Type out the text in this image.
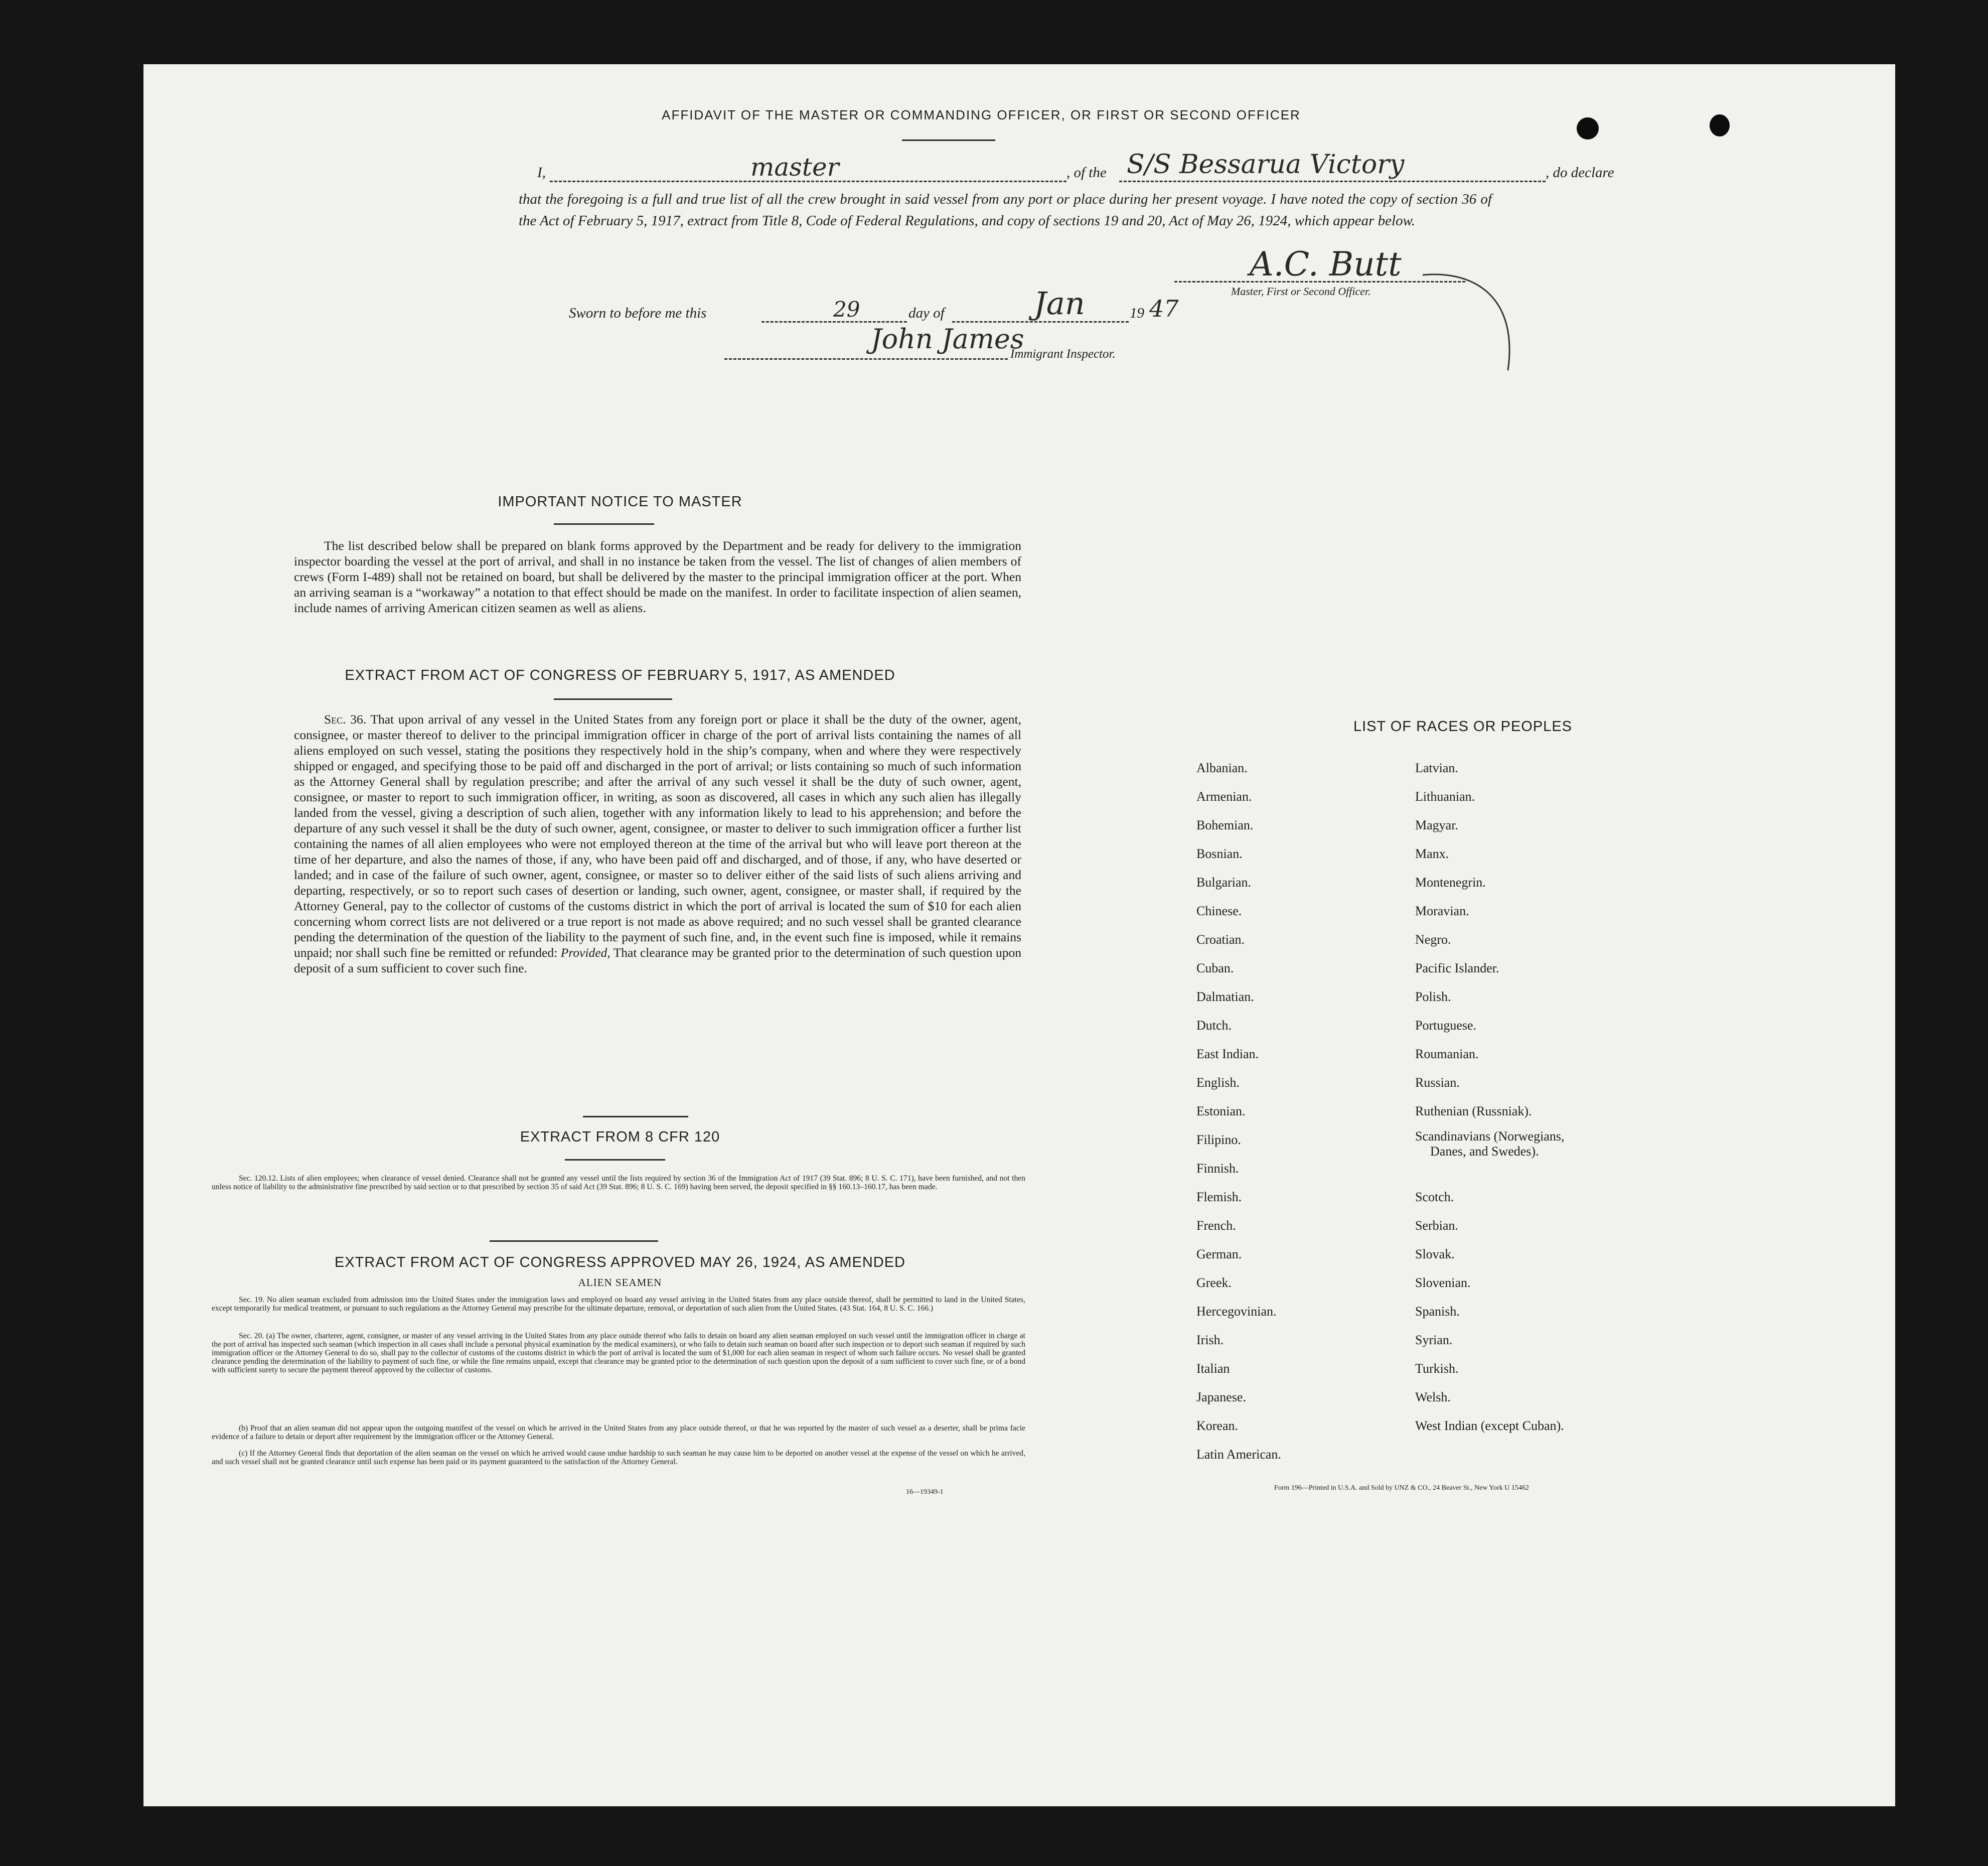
AFFIDAVIT OF THE MASTER OR COMMANDING OFFICER, OR FIRST OR SECOND OFFICER
I,	master	, of the S/S Bessarua Victory	, do declare
that the foregoing is a full and true list of all the crew brought in said vessel from any port or place during her present voyage. I have noted the copy of section 36 of the Act of February 5, 1917, extract from Title 8, Code of Federal Regulations, and copy of sections 19 and 20, Act of May 26, 1924, which appear below.
A.C. Butt
Master, First or Second Officer.
Sworn to before me this	29	day of	Jan	19 47
John James
Immigrant Inspector.
IMPORTANT NOTICE TO MASTER
The list described below shall be prepared on blank forms approved by the Department and be ready for delivery to the immigration inspector boarding the vessel at the port of arrival, and shall in no instance be taken from the vessel. The list of changes of alien members of crews (Form I-489) shall not be retained on board, but shall be delivered by the master to the principal immigration officer at the port. When an arriving seaman is a “workaway” a notation to that effect should be made on the manifest. In order to facilitate inspection of alien seamen, include names of arriving American citizen seamen as well as aliens.
EXTRACT FROM ACT OF CONGRESS OF FEBRUARY 5, 1917, AS AMENDED
Sec. 36. That upon arrival of any vessel in the United States from any foreign port or place it shall be the duty of the owner, agent, consignee, or master thereof to deliver to the principal immigration officer in charge of the port of arrival lists containing the names of all aliens employed on such vessel, stating the positions they respectively hold in the ship’s company, when and where they were respectively shipped or engaged, and specifying those to be paid off and discharged in the port of arrival; or lists containing so much of such information as the Attorney General shall by regulation prescribe; and after the arrival of any such vessel it shall be the duty of such owner, agent, consignee, or master to report to such immigration officer, in writing, as soon as discovered, all cases in which any such alien has illegally landed from the vessel, giving a description of such alien, together with any information likely to lead to his apprehension; and before the departure of any such vessel it shall be the duty of such owner, agent, consignee, or master to deliver to such immigration officer a further list containing the names of all alien employees who were not employed thereon at the time of the arrival but who will leave port thereon at the time of her departure, and also the names of those, if any, who have been paid off and discharged, and of those, if any, who have deserted or landed; and in case of the failure of such owner, agent, consignee, or master so to deliver either of the said lists of such aliens arriving and departing, respectively, or so to report such cases of desertion or landing, such owner, agent, consignee, or master shall, if required by the Attorney General, pay to the collector of customs of the customs district in which the port of arrival is located the sum of $10 for each alien concerning whom correct lists are not delivered or a true report is not made as above required; and no such vessel shall be granted clearance pending the determination of the question of the liability to the payment of such fine, and, in the event such fine is imposed, while it remains unpaid; nor shall such fine be remitted or refunded: Provided, That clearance may be granted prior to the determination of such question upon deposit of a sum sufficient to cover such fine.
EXTRACT FROM 8 CFR 120
Sec. 120.12. Lists of alien employees; when clearance of vessel denied. Clearance shall not be granted any vessel until the lists required by section 36 of the Immigration Act of 1917 (39 Stat. 896; 8 U. S. C. 171), have been furnished, and not then unless notice of liability to the administrative fine prescribed by said section or to that prescribed by section 35 of said Act (39 Stat. 896; 8 U. S. C. 169) having been served, the deposit specified in §§ 160.13–160.17, has been made.
EXTRACT FROM ACT OF CONGRESS APPROVED MAY 26, 1924, AS AMENDED
ALIEN SEAMEN
Sec. 19. No alien seaman excluded from admission into the United States under the immigration laws and employed on board any vessel arriving in the United States from any place outside thereof, shall be permitted to land in the United States, except temporarily for medical treatment, or pursuant to such regulations as the Attorney General may prescribe for the ultimate departure, removal, or deportation of such alien from the United States. (43 Stat. 164, 8 U. S. C. 166.)
Sec. 20. (a) The owner, charterer, agent, consignee, or master of any vessel arriving in the United States from any place outside thereof who fails to detain on board any alien seaman employed on such vessel until the immigration officer in charge at the port of arrival has inspected such seaman (which inspection in all cases shall include a personal physical examination by the medical examiners), or who fails to detain such seaman on board after such inspection or to deport such seaman if required by such immigration officer or the Attorney General to do so, shall pay to the collector of customs of the customs district in which the port of arrival is located the sum of $1,000 for each alien seaman in respect of whom such failure occurs. No vessel shall be granted clearance pending the determination of the liability to payment of such fine, or while the fine remains unpaid, except that clearance may be granted prior to the determination of such question upon the deposit of a sum sufficient to cover such fine, or of a bond with sufficient surety to secure the payment thereof approved by the collector of customs.
(b) Proof that an alien seaman did not appear upon the outgoing manifest of the vessel on which he arrived in the United States from any place outside thereof, or that he was reported by the master of such vessel as a deserter, shall be prima facie evidence of a failure to detain or deport after requirement by the immigration officer or the Attorney General.
(c) If the Attorney General finds that deportation of the alien seaman on the vessel on which he arrived would cause undue hardship to such seaman he may cause him to be deported on another vessel at the expense of the vessel on which he arrived, and such vessel shall not be granted clearance until such expense has been paid or its payment guaranteed to the satisfaction of the Attorney General.
16—19349-1
LIST OF RACES OR PEOPLES
Albanian.
Armenian.
Bohemian.
Bosnian.
Bulgarian.
Chinese.
Croatian.
Cuban.
Dalmatian.
Dutch.
East Indian.
English.
Estonian.
Filipino.
Finnish.
Flemish.
French.
German.
Greek.
Hercegovinian.
Irish.
Italian
Japanese.
Korean.
Latin American.
Latvian.
Lithuanian.
Magyar.
Manx.
Montenegrin.
Moravian.
Negro.
Pacific Islander.
Polish.
Portuguese.
Roumanian.
Russian.
Ruthenian (Russniak).
Scandinavians (Norwegians,
Danes, and Swedes).
Scotch.
Serbian.
Slovak.
Slovenian.
Spanish.
Syrian.
Turkish.
Welsh.
West Indian (except Cuban).
Form 196—Printed in U.S.A. and Sold by UNZ & CO., 24 Beaver St., New York U 15462
